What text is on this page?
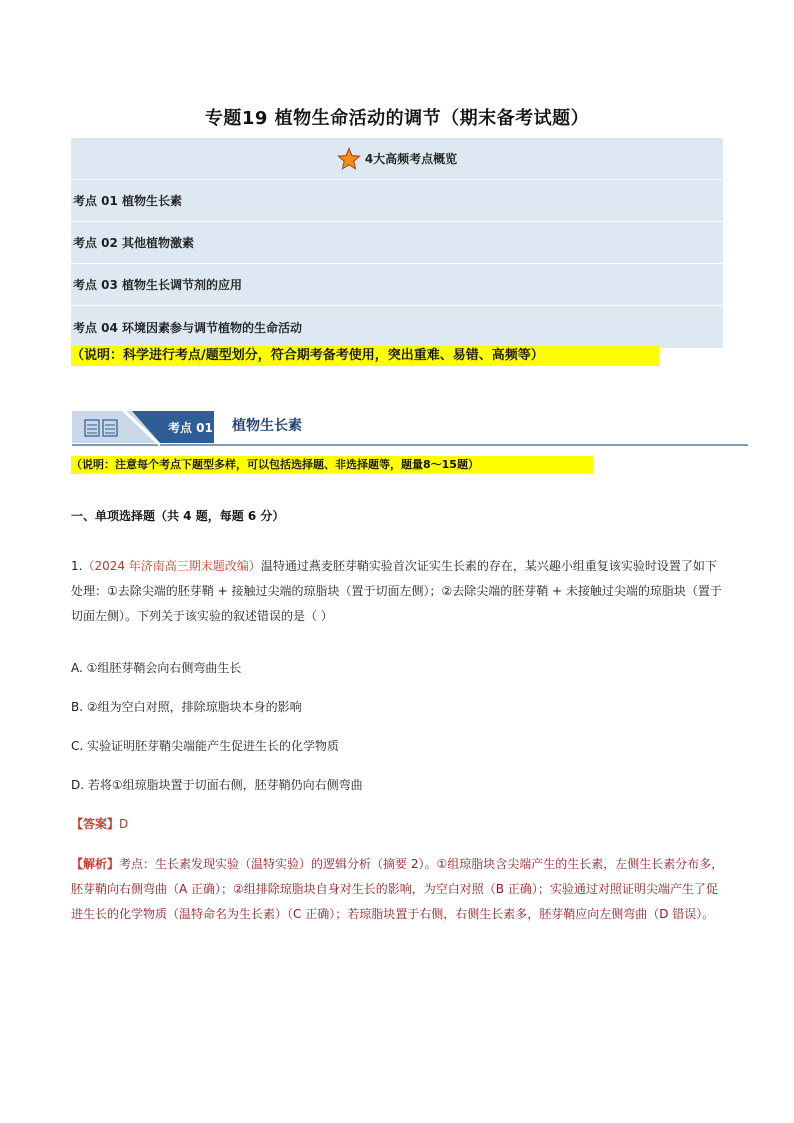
专题19 植物生命活动的调节（期末备考试题）
4大高频考点概览
考点 01 植物生长素
考点 02 其他植物激素
考点 03 植物生长调节剂的应用
考点 04 环境因素参与调节植物的生命活动
（说明：科学进行考点/题型划分，符合期考备考使用，突出重难、易错、高频等）
考点 01 植物生长素
（说明：注意每个考点下题型多样，可以包括选择题、非选择题等，题量8～15题）
一、单项选择题（共 4 题，每题 6 分）
1.（2024 年济南高三期末题改编）温特通过燕麦胚芽鞘实验首次证实生长素的存在，某兴趣小组重复该实验时设置了如下处理：①去除尖端的胚芽鞘 + 接触过尖端的琼脂块（置于切面左侧）；②去除尖端的胚芽鞘 + 未接触过尖端的琼脂块（置于切面左侧）。下列关于该实验的叙述错误的是（ ）
A. ①组胚芽鞘会向右侧弯曲生长
B. ②组为空白对照，排除琼脂块本身的影响
C. 实验证明胚芽鞘尖端能产生促进生长的化学物质
D. 若将①组琼脂块置于切面右侧，胚芽鞘仍向右侧弯曲
【答案】D
【解析】考点：生长素发现实验（温特实验）的逻辑分析（摘要 2）。①组琼脂块含尖端产生的生长素，左侧生长素分布多，胚芽鞘向右侧弯曲（A 正确）；②组排除琼脂块自身对生长的影响，为空白对照（B 正确）；实验通过对照证明尖端产生了促进生长的化学物质（温特命名为生长素）（C 正确）；若琼脂块置于右侧，右侧生长素多，胚芽鞘应向左侧弯曲（D 错误）。
